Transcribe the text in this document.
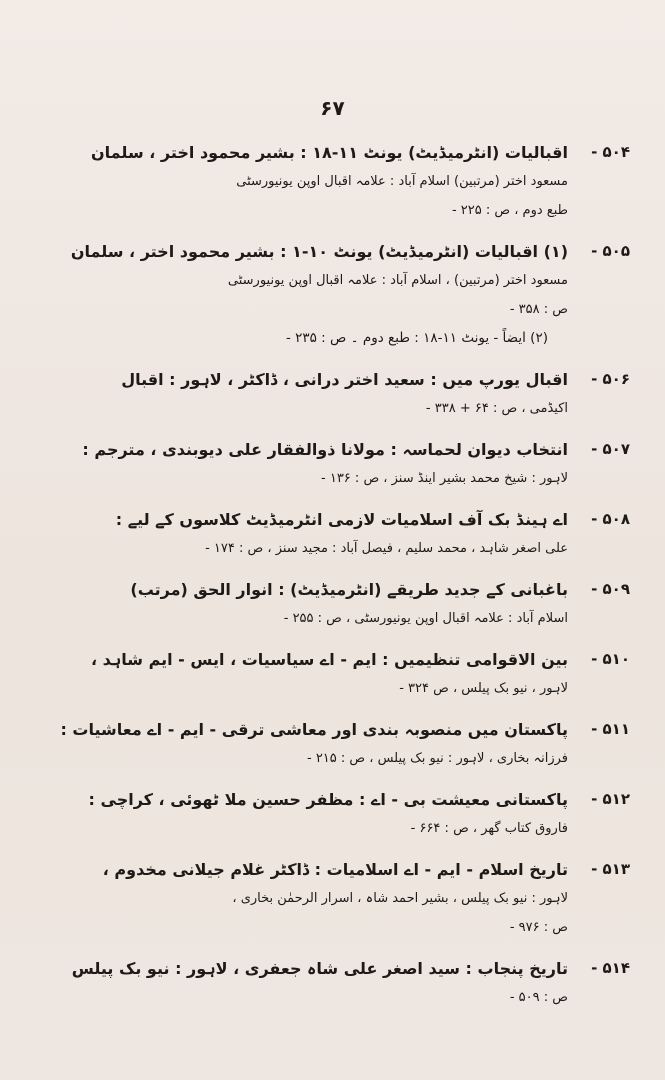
۶۷
۵۰۴ -
اقبالیات (انٹرمیڈیٹ) یونٹ ۱۱-۱۸ : بشیر محمود اختر ، سلمان
مسعود اختر (مرتبین) اسلام آباد : علامہ اقبال اوپن یونیورسٹی
طبع دوم ، ص : ۲۲۵ -
۵۰۵ -
(۱) اقبالیات (انٹرمیڈیٹ) یونٹ ۱۰-۱ : بشیر محمود اختر ، سلمان
مسعود اختر (مرتبین) ، اسلام آباد : علامہ اقبال اوپن یونیورسٹی
ص : ۳۵۸ -
(۲) ایضاً - یونٹ ۱۱-۱۸ : طبع دوم ۔ ص : ۲۳۵ -
۵۰۶ -
اقبال یورپ میں : سعید اختر درانی ، ڈاکٹر ، لاہور : اقبال
اکیڈمی ، ص : ۶۴ + ۳۳۸ -
۵۰۷ -
انتخاب دیوان لحماسہ : مولانا ذوالفقار علی دیوبندی ، مترجم :
لاہور : شیخ محمد بشیر اینڈ سنز ، ص : ۱۳۶ -
۵۰۸ -
اے ہینڈ بک آف اسلامیات لازمی انٹرمیڈیٹ کلاسوں کے لیے :
علی اصغر شاہد ، محمد سلیم ، فیصل آباد : مجید سنز ، ص : ۱۷۴ -
۵۰۹ -
باغبانی کے جدید طریقے (انٹرمیڈیٹ) : انوار الحق (مرتب)
اسلام آباد : علامہ اقبال اوپن یونیورسٹی ، ص : ۲۵۵ -
۵۱۰ -
بین الاقوامی تنظیمیں : ایم - اے سیاسیات ، ایس - ایم شاہد ،
لاہور ، نیو بک پیلس ، ص ۳۲۴ -
۵۱۱ -
پاکستان میں منصوبہ بندی اور معاشی ترقی - ایم - اے معاشیات :
فرزانہ بخاری ، لاہور : نیو بک پیلس ، ص : ۲۱۵ -
۵۱۲ -
پاکستانی معیشت بی - اے : مظفر حسین ملا ٹھوئی ، کراچی :
فاروق کتاب گھر ، ص : ۶۶۴ -
۵۱۳ -
تاریخ اسلام - ایم - اے اسلامیات : ڈاکٹر غلام جیلانی مخدوم ،
لاہور : نیو بک پیلس ، بشیر احمد شاہ ، اسرار الرحمٰن بخاری ،
ص : ۹۷۶ -
۵۱۴ -
تاریخ پنجاب : سید اصغر علی شاہ جعفری ، لاہور : نیو بک پیلس
ص : ۵۰۹ -
